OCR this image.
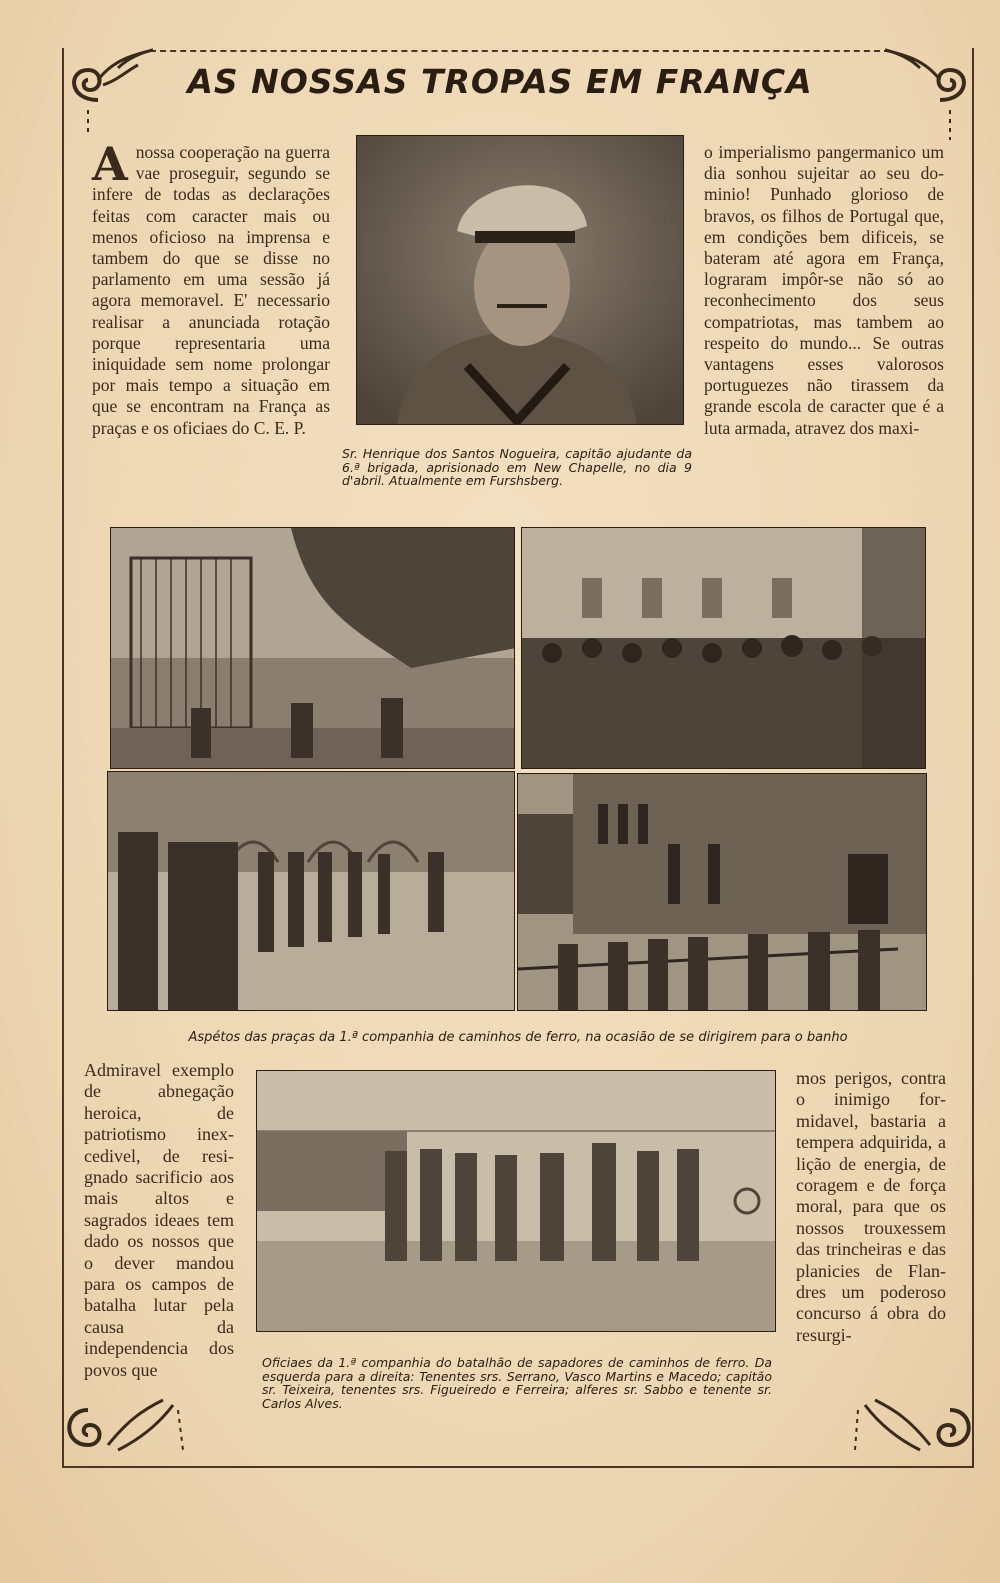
AS NOSSAS TROPAS EM FRANÇA

Anossa cooperação na guerra vae proseguir, segundo se infere de todas as declarações feitas com caracter mais ou menos oficioso na imprensa e tambem do que se disse no parlamento em uma sessão já agora memoravel. E' necessario realisar a anunciada rotação porque representaria uma iniquidade sem nome prolongar por mais tempo a situação em que se encontram na França as praças e os oficiaes do C. E. P.

Sr. Henrique dos Santos Nogueira, capitão ajudante da 6.ª brigada, aprisionado em New Chapelle, no dia 9 d'abril. Atualmente em Furshsberg.

o imperialismo pangermanico um dia sonhou sujeitar ao seu dominio! Punhado glorioso de bravos, os filhos de Portugal que, em condições bem dificeis, se bateram até agora em França, lograram impôr-se não só ao reconhecimento dos seus compatriotas, mas tambem ao respeito do mundo... Se outras vantagens esses valorosos portuguezes não tirassem da grande escola de caracter que é a luta armada, atravez dos maxi-

Aspétos das praças da 1.ª companhia de caminhos de ferro, na ocasião de se dirigirem para o banho

Admiravel exemplo de abnegação heroica, de patriotismo inexcedivel, de resignado sacrificio aos mais altos e sagrados ideaes tem dado os nossos que o dever mandou para os campos de batalha lutar pela causa da independencia dos povos que	Oficiaes da 1.ª companhia do batalhão de sapadores de caminhos de ferro. Da esquerda para a direita: Tenentes srs. Serrano, Vasco Martins e Macedo; capitão sr. Teixeira, tenentes srs. Figueiredo e Ferreira; alferes sr. Sabbo e tenente sr. Carlos Alves.

mos perigos, contra o inimigo formidavel, bastaria a tempera adquirida, a lição de energia, de coragem e de força moral, para que os nossos trouxessem das trincheiras e das planicies de Flandres um poderoso concurso á obra do resurgi-
